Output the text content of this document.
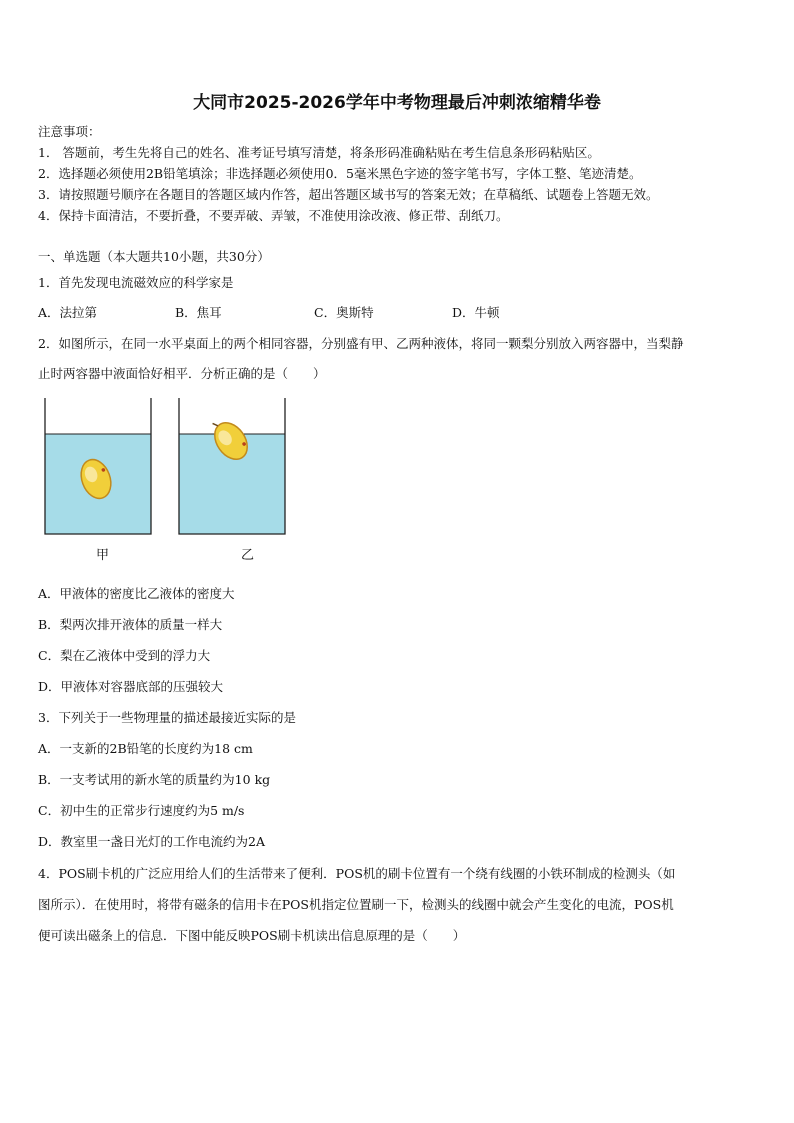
大同市2025-2026学年中考物理最后冲刺浓缩精华卷
注意事项：
1． 答题前，考生先将自己的姓名、准考证号填写清楚，将条形码准确粘贴在考生信息条形码粘贴区。
2．选择题必须使用2B铅笔填涂；非选择题必须使用0．5毫米黑色字迹的签字笔书写，字体工整、笔迹清楚。
3．请按照题号顺序在各题目的答题区域内作答，超出答题区域书写的答案无效；在草稿纸、试题卷上答题无效。
4．保持卡面清洁，不要折叠，不要弄破、弄皱，不准使用涂改液、修正带、刮纸刀。
一、单选题（本大题共10小题，共30分）
1．首先发现电流磁效应的科学家是
A．法拉第	B．焦耳	C．奥斯特	D．牛顿
2．如图所示，在同一水平桌面上的两个相同容器，分别盛有甲、乙两种液体，将同一颗梨分别放入两容器中，当梨静
止时两容器中液面恰好相平．分析正确的是（　　）
甲	乙
A．甲液体的密度比乙液体的密度大
B．梨两次排开液体的质量一样大
C．梨在乙液体中受到的浮力大
D．甲液体对容器底部的压强较大
3．下列关于一些物理量的描述最接近实际的是
A．一支新的2B铅笔的长度约为18 cm
B．一支考试用的新水笔的质量约为10 kg
C．初中生的正常步行速度约为5 m/s
D．教室里一盏日光灯的工作电流约为2A
4．POS刷卡机的广泛应用给人们的生活带来了便利．POS机的刷卡位置有一个绕有线圈的小铁环制成的检测头（如
图所示）．在使用时，将带有磁条的信用卡在POS机指定位置刷一下，检测头的线圈中就会产生变化的电流，POS机
便可读出磁条上的信息．下图中能反映POS刷卡机读出信息原理的是（　　）
